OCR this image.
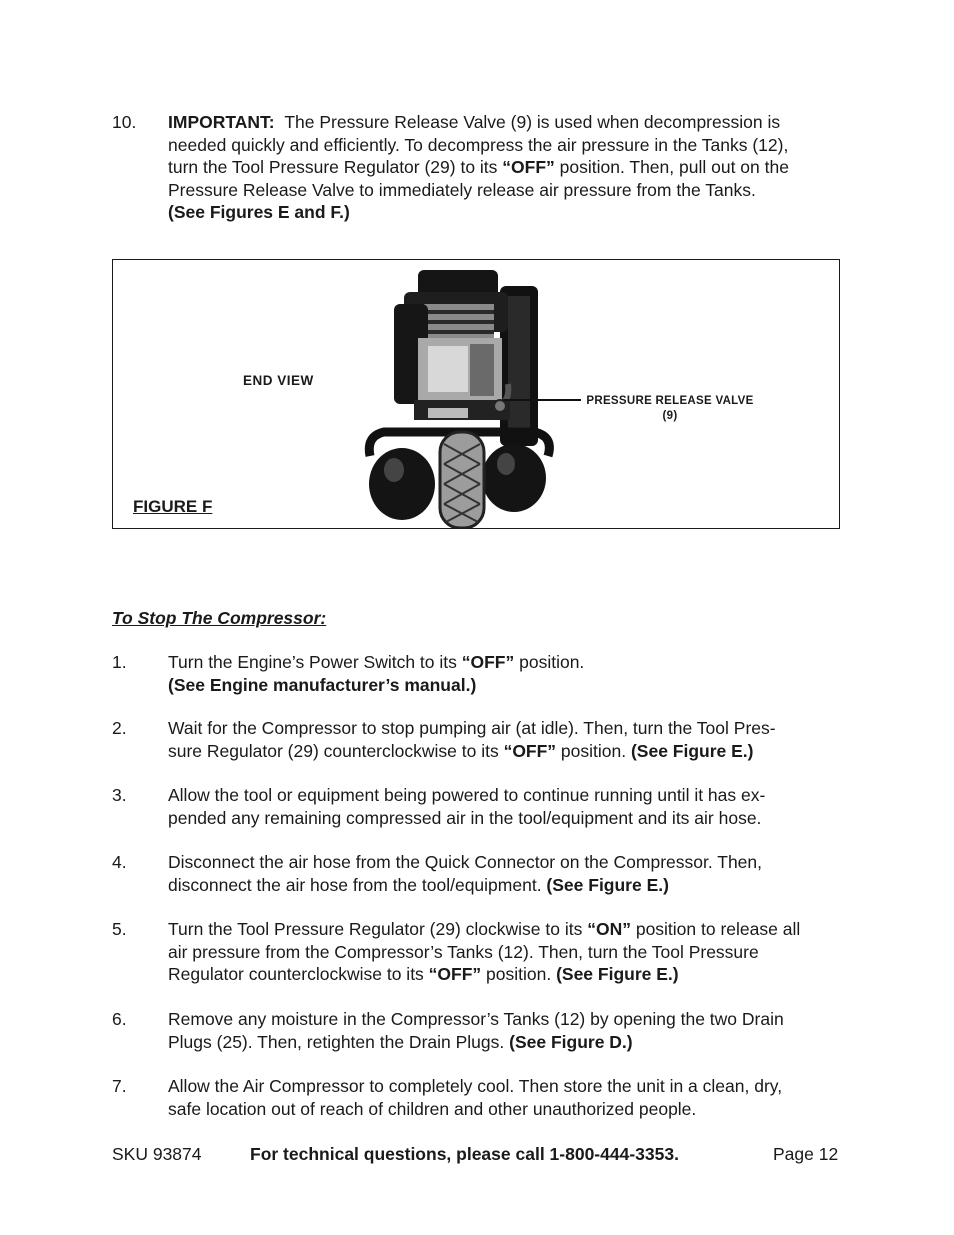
10.	IMPORTANT: The Pressure Release Valve (9) is used when decompression is
needed quickly and efficiently. To decompress the air pressure in the Tanks (12),
turn the Tool Pressure Regulator (29) to its “OFF” position. Then, pull out on the
Pressure Release Valve to immediately release air pressure from the Tanks.
(See Figures E and F.)
END VIEW
PRESSURE RELEASE VALVE
(9)
FIGURE F
To Stop The Compressor:
1.	Turn the Engine’s Power Switch to its “OFF” position.
(See Engine manufacturer’s manual.)
2.	Wait for the Compressor to stop pumping air (at idle). Then, turn the Tool Pres-
sure Regulator (29) counterclockwise to its “OFF” position. (See Figure E.)
3.	Allow the tool or equipment being powered to continue running until it has ex-
pended any remaining compressed air in the tool/equipment and its air hose.
4.	Disconnect the air hose from the Quick Connector on the Compressor. Then,
disconnect the air hose from the tool/equipment. (See Figure E.)
5.	Turn the Tool Pressure Regulator (29) clockwise to its “ON” position to release all
air pressure from the Compressor’s Tanks (12). Then, turn the Tool Pressure
Regulator counterclockwise to its “OFF” position. (See Figure E.)
6.	Remove any moisture in the Compressor’s Tanks (12) by opening the two Drain
Plugs (25). Then, retighten the Drain Plugs. (See Figure D.)
7.	Allow the Air Compressor to completely cool. Then store the unit in a clean, dry,
safe location out of reach of children and other unauthorized people.
SKU 93874	For technical questions, please call 1-800-444-3353.	Page 12
